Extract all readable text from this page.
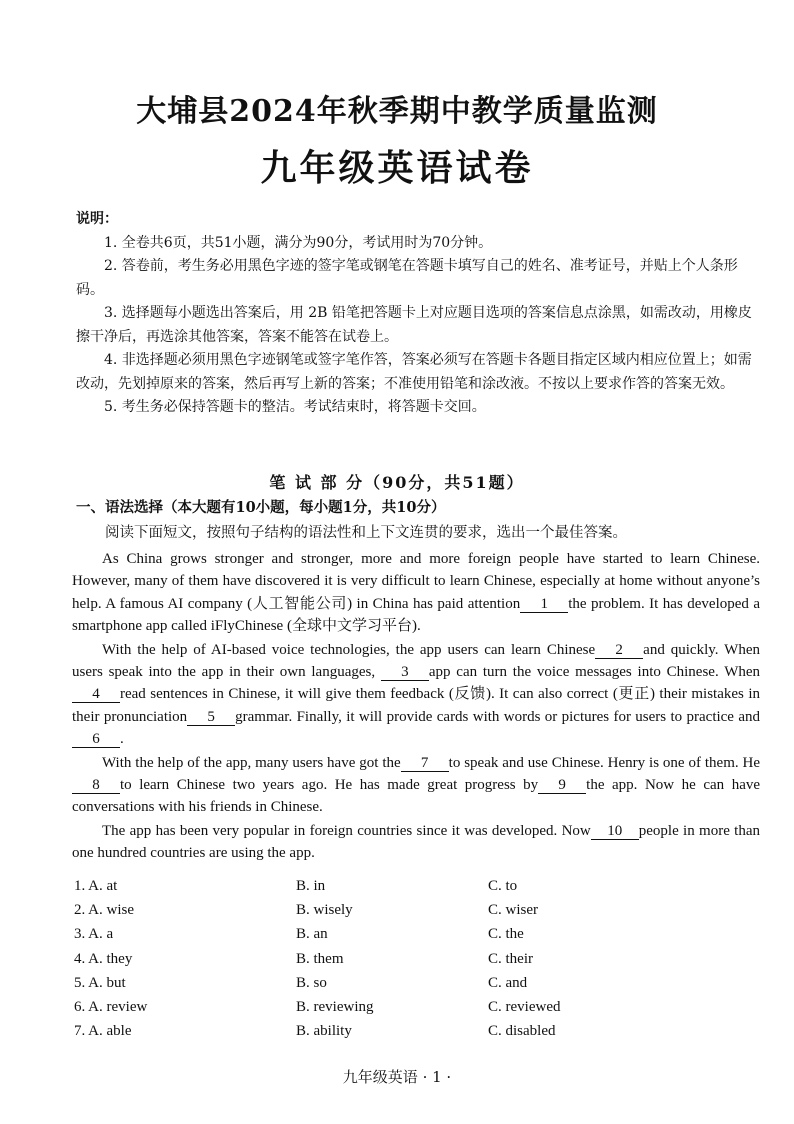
大埔县2024年秋季期中教学质量监测
九年级英语试卷

说明：

1. 全卷共6页，共51小题，满分为90分，考试用时为70分钟。

2. 答卷前，考生务必用黑色字迹的签字笔或钢笔在答题卡填写自己的姓名、准考证号，并贴上个人条形码。

3. 选择题每小题选出答案后，用 2B 铅笔把答题卡上对应题目选项的答案信息点涂黑，如需改动，用橡皮擦干净后，再选涂其他答案，答案不能答在试卷上。

4. 非选择题必须用黑色字迹钢笔或签字笔作答，答案必须写在答题卡各题目指定区域内相应位置上；如需改动，先划掉原来的答案，然后再写上新的答案；不准使用铅笔和涂改液。不按以上要求作答的答案无效。

5. 考生务必保持答题卡的整洁。考试结束时，将答题卡交回。

笔 试 部 分（90分，共51题）
一、语法选择（本大题有10小题，每小题1分，共10分）
阅读下面短文，按照句子结构的语法性和上下文连贯的要求，选出一个最佳答案。

As China grows stronger and stronger, more and more foreign people have started to learn Chinese. However, many of them have discovered it is very difficult to learn Chinese, especially at home without anyone’s help. A famous AI company (人工智能公司) in China has paid attention 1 the problem. It has developed a smartphone app called iFlyChinese (全球中文学习平台).

With the help of AI-based voice technologies, the app users can learn Chinese 2 and quickly. When users speak into the app in their own languages, 3 app can turn the voice messages into Chinese. When4 read sentences in Chinese, it will give them feedback (反馈). It can also correct (更正) their mistakes in their pronunciation 5 grammar. Finally, it will provide cards with words or pictures for users to practice and6 .

With the help of the app, many users have got the 7 to speak and use Chinese. Henry is one of them. He8 to learn Chinese two years ago. He has made great progress by 9 the app. Now he can have conversations with his friends in Chinese.

The app has been very popular in foreign countries since it was developed. Now 10 people in more than one hundred countries are using the app.

1. A. at	B. in	C. to
2. A. wise	B. wisely	C. wiser
3. A. a	B. an	C. the
4. A. they	B. them	C. their
5. A. but	B. so	C. and
6. A. review	B. reviewing	C. reviewed
7. A. able	B. ability	C. disabled
九年级英语 · 1 ·
